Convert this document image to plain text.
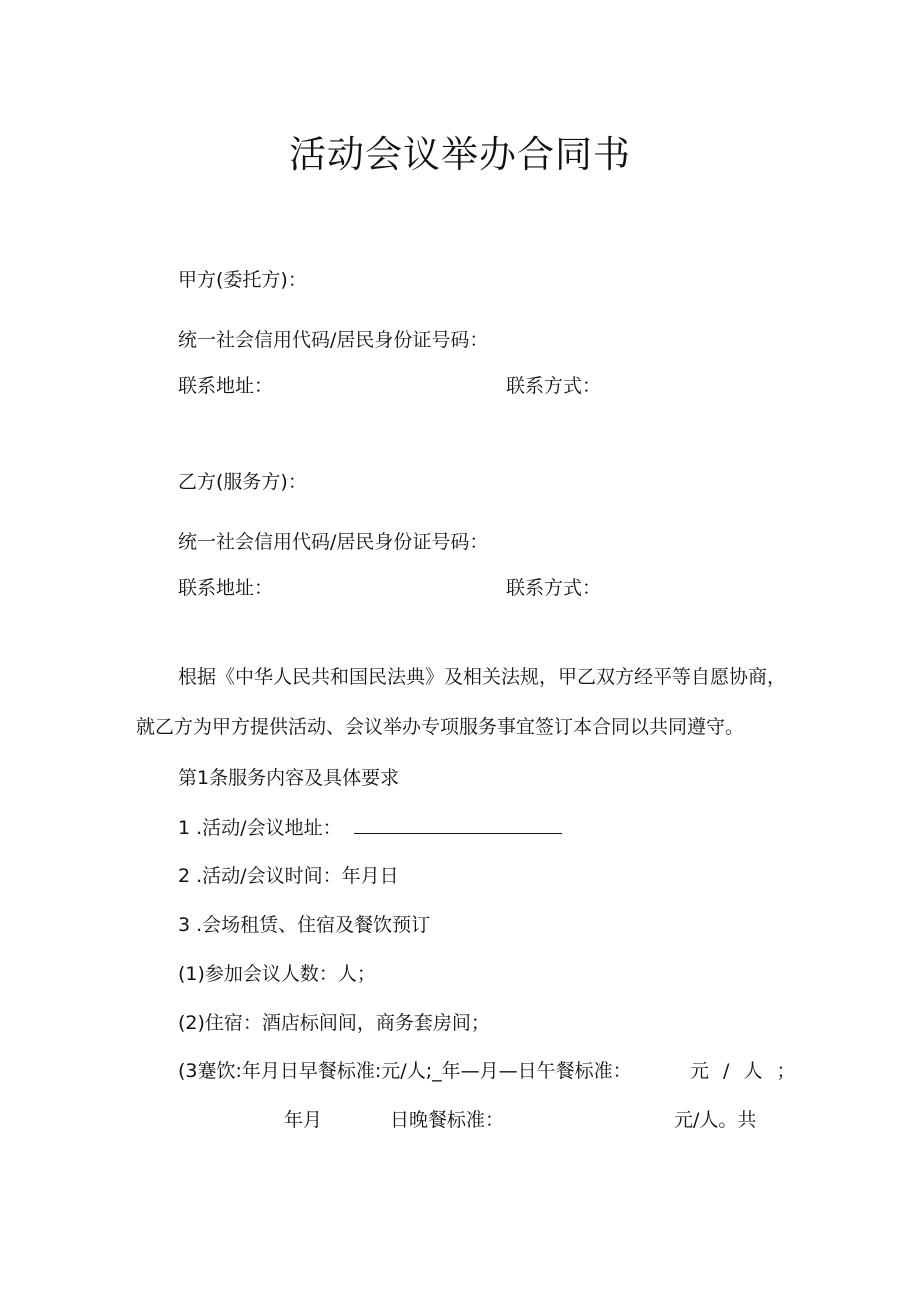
活动会议举办合同书
甲方(委托方)：
统一社会信用代码/居民身份证号码：
联系地址：	联系方式：
乙方(服务方)：
统一社会信用代码/居民身份证号码：
联系地址：	联系方式：
根据《中华人民共和国民法典》及相关法规，甲乙双方经平等自愿协商，
就乙方为甲方提供活动、会议举办专项服务事宜签订本合同以共同遵守。
第1条服务内容及具体要求
1 .活动/会议地址：
2 .活动/会议时间：年月日
3 .会场租赁、住宿及餐饮预订
(1)参加会议人数：人；
(2)住宿：酒店标间间，商务套房间；
(3蹇饮:年月日早餐标准:元/人;_年—月—日午餐标准：	元 / 人 ；
年月	日晚餐标准：	元/人。共
